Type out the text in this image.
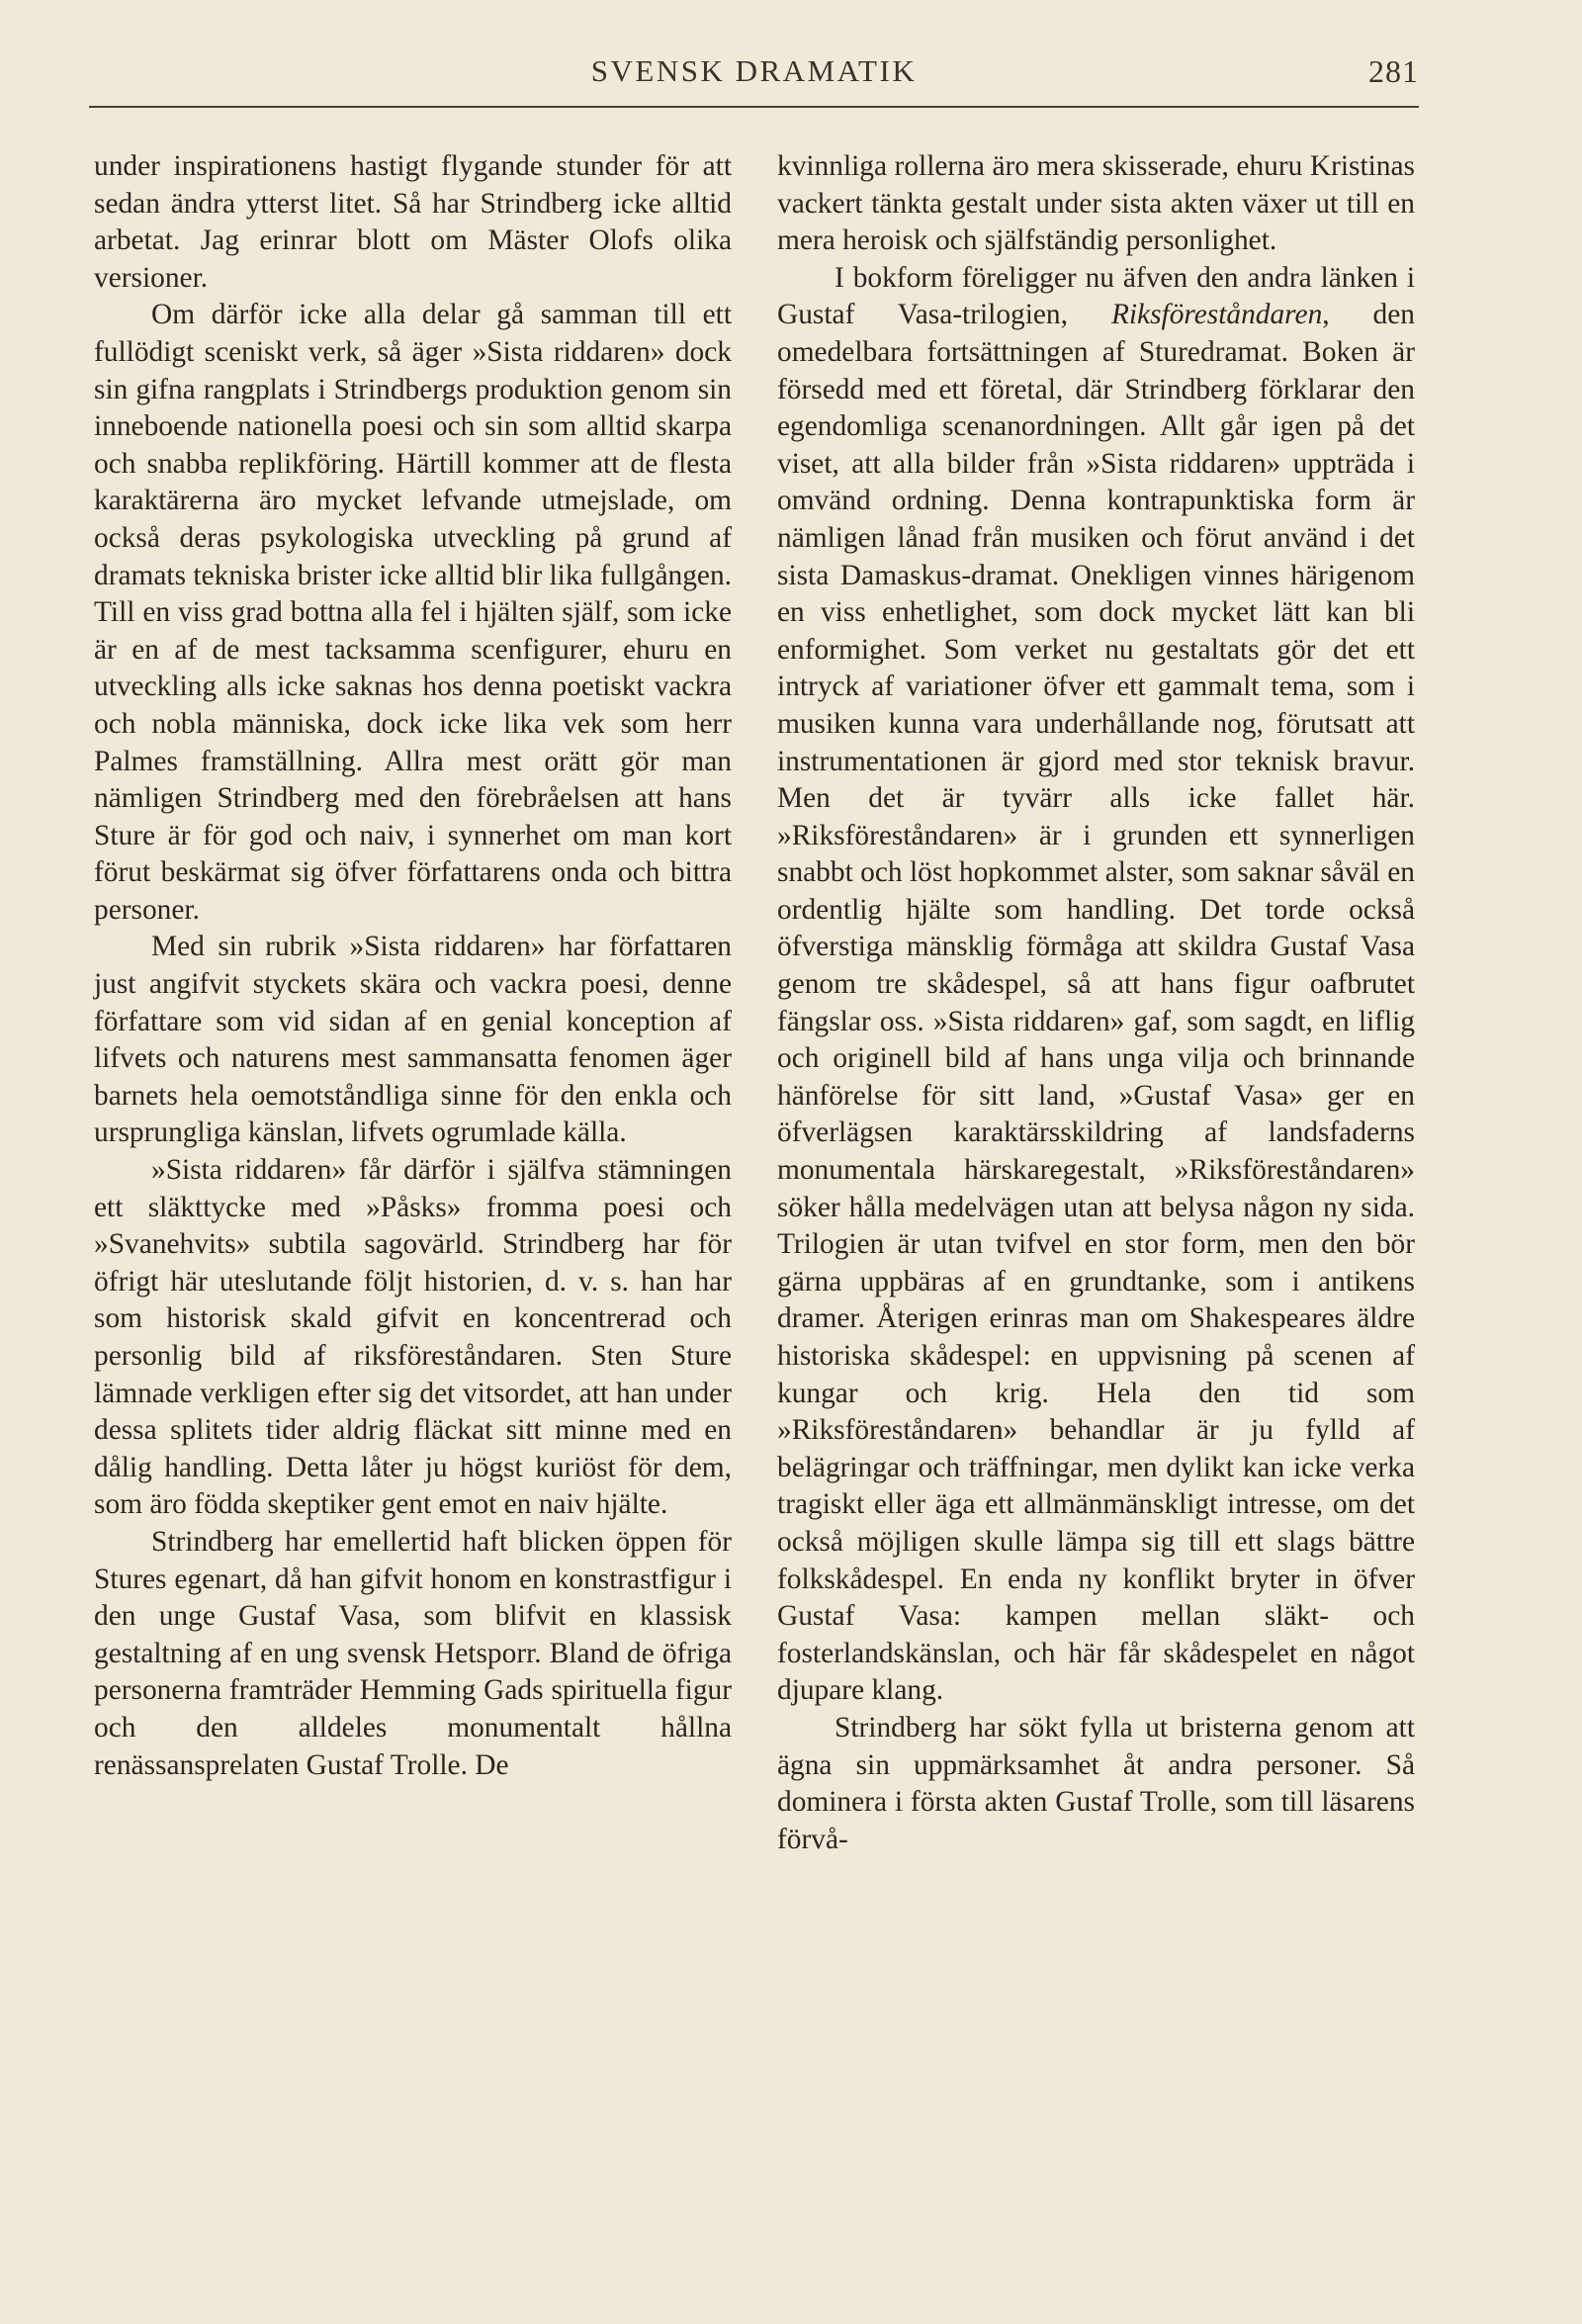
SVENSK DRAMATIK	281

under inspirationens hastigt flygande stunder för att sedan ändra ytterst litet. Så har Strindberg icke alltid arbetat. Jag erinrar blott om Mäster Olofs olika versioner.

Om därför icke alla delar gå samman till ett fullödigt sceniskt verk, så äger »Sista riddaren» dock sin gifna rangplats i Strindbergs produktion genom sin inneboende nationella poesi och sin som alltid skarpa och snabba replikföring. Härtill kommer att de flesta karaktärerna äro mycket lefvande utmejslade, om också deras psykologiska utveckling på grund af dramats tekniska brister icke alltid blir lika fullgången. Till en viss grad bottna alla fel i hjälten själf, som icke är en af de mest tacksamma scenfigurer, ehuru en utveckling alls icke saknas hos denna poetiskt vackra och nobla människa, dock icke lika vek som herr Palmes framställning. Allra mest orätt gör man nämligen Strindberg med den förebråelsen att hans Sture är för god och naiv, i synnerhet om man kort förut beskärmat sig öfver författarens onda och bittra personer.

Med sin rubrik »Sista riddaren» har författaren just angifvit styckets skära och vackra poesi, denne författare som vid sidan af en genial konception af lifvets och naturens mest sammansatta fenomen äger barnets hela oemotståndliga sinne för den enkla och ursprungliga känslan, lifvets ogrumlade källa.

»Sista riddaren» får därför i själfva stämningen ett släkttycke med »Påsks» fromma poesi och »Svanehvits» subtila sagovärld. Strindberg har för öfrigt här uteslutande följt historien, d. v. s. han har som historisk skald gifvit en koncentrerad och personlig bild af riksföreståndaren. Sten Sture lämnade verkligen efter sig det vitsordet, att han under dessa splitets tider aldrig fläckat sitt minne med en dålig handling. Detta låter ju högst kuriöst för dem, som äro födda skeptiker gent emot en naiv hjälte.

Strindberg har emellertid haft blicken öppen för Stures egenart, då han gifvit honom en konstrastfigur i den unge Gustaf Vasa, som blifvit en klassisk gestaltning af en ung svensk Hetsporr. Bland de öfriga personerna framträder Hemming Gads spirituella figur och den alldeles monumentalt hållna renässansprelaten Gustaf Trolle. De

kvinnliga rollerna äro mera skisserade, ehuru Kristinas vackert tänkta gestalt under sista akten växer ut till en mera heroisk och själfständig personlighet.

I bokform föreligger nu äfven den andra länken i Gustaf Vasa-trilogien, Riksföreståndaren, den omedelbara fortsättningen af Sturedramat. Boken är försedd med ett företal, där Strindberg förklarar den egendomliga scenanordningen. Allt går igen på det viset, att alla bilder från »Sista riddaren» uppträda i omvänd ordning. Denna kontrapunktiska form är nämligen lånad från musiken och förut använd i det sista Damaskus-dramat. Onekligen vinnes härigenom en viss enhetlighet, som dock mycket lätt kan bli enformighet. Som verket nu gestaltats gör det ett intryck af variationer öfver ett gammalt tema, som i musiken kunna vara underhållande nog, förutsatt att instrumentationen är gjord med stor teknisk bravur. Men det är tyvärr alls icke fallet här. »Riksföreståndaren» är i grunden ett synnerligen snabbt och löst hopkommet alster, som saknar såväl en ordentlig hjälte som handling. Det torde också öfverstiga mänsklig förmåga att skildra Gustaf Vasa genom tre skådespel, så att hans figur oafbrutet fängslar oss. »Sista riddaren» gaf, som sagdt, en liflig och originell bild af hans unga vilja och brinnande hänförelse för sitt land, »Gustaf Vasa» ger en öfverlägsen karaktärsskildring af landsfaderns monumentala härskaregestalt, »Riksföreståndaren» söker hålla medelvägen utan att belysa någon ny sida. Trilogien är utan tvifvel en stor form, men den bör gärna uppbäras af en grundtanke, som i antikens dramer. Återigen erinras man om Shakespeares äldre historiska skådespel: en uppvisning på scenen af kungar och krig. Hela den tid som »Riksföreståndaren» behandlar är ju fylld af belägringar och träffningar, men dylikt kan icke verka tragiskt eller äga ett allmänmänskligt intresse, om det också möjligen skulle lämpa sig till ett slags bättre folkskådespel. En enda ny konflikt bryter in öfver Gustaf Vasa: kampen mellan släkt- och fosterlandskänslan, och här får skådespelet en något djupare klang.

Strindberg har sökt fylla ut bristerna genom att ägna sin uppmärksamhet åt andra personer. Så dominera i första akten Gustaf Trolle, som till läsarens förvå-
